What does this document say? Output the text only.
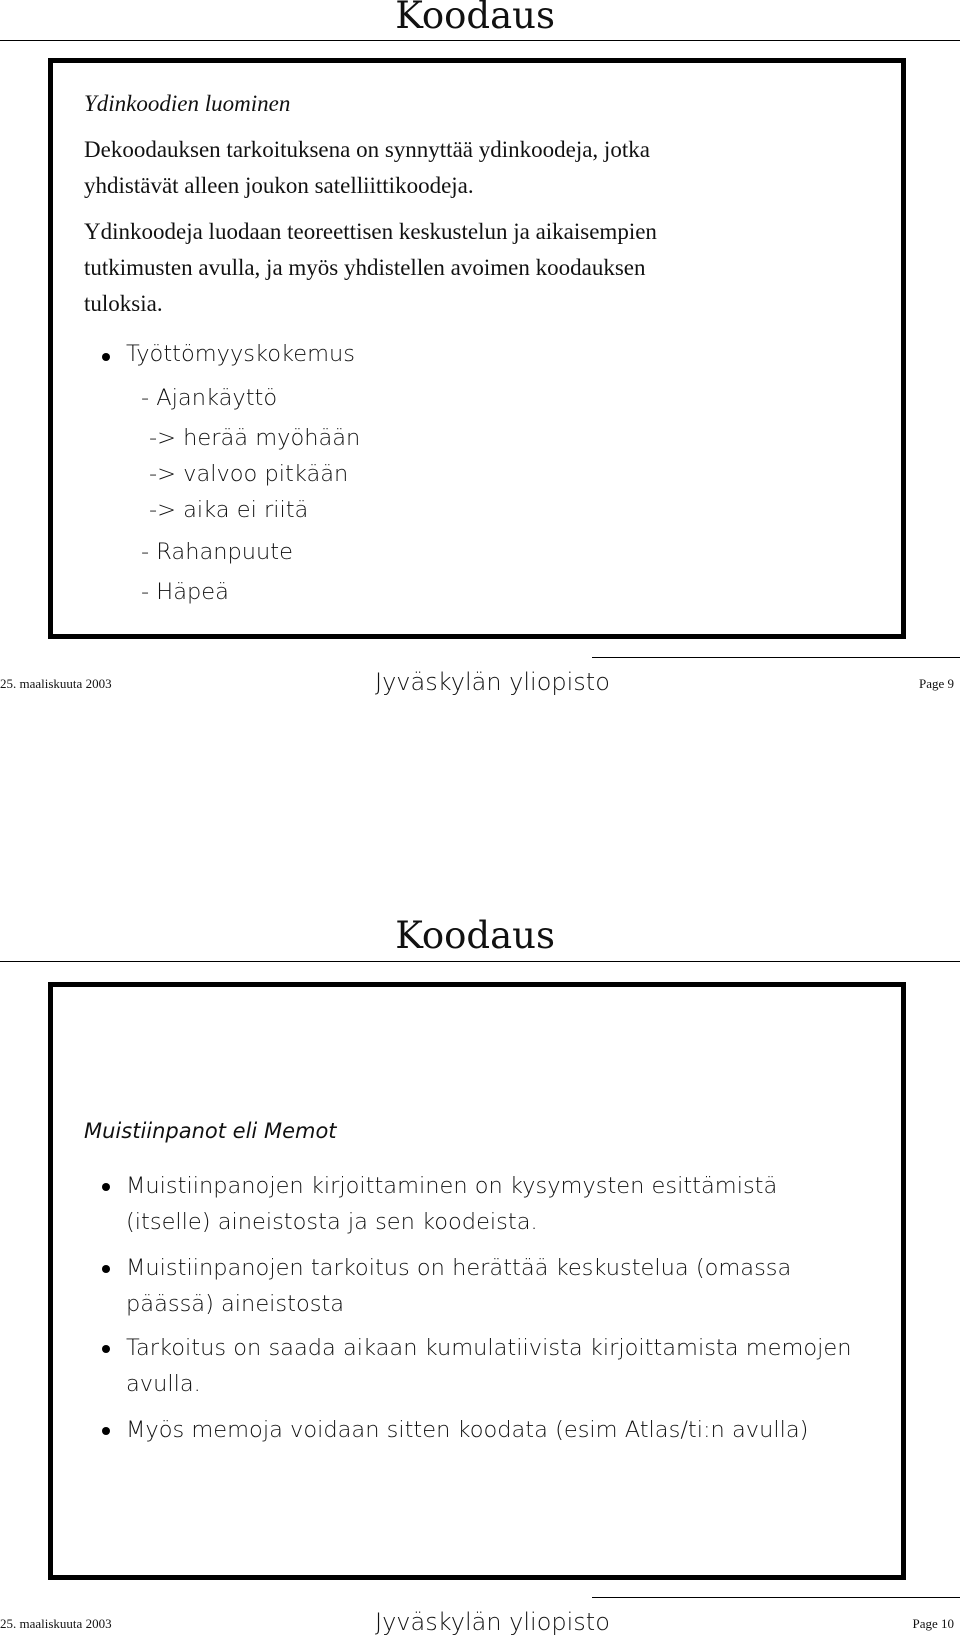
Koodaus

Ydinkoodien luominen

Dekoodauksen tarkoituksena on synnyttää ydinkoodeja, jotka

yhdistävät alleen joukon satelliittikoodeja.

Ydinkoodeja luodaan teoreettisen keskustelun ja aikaisempien

tutkimusten avulla, ja myös yhdistellen avoimen koodauksen

tuloksia.

Työttömyyskokemus

- Ajankäyttö

-> herää myöhään

-> valvoo pitkään

-> aika ei riitä

- Rahanpuute

- Häpeä

25. maaliskuuta 2003	Jyväskylän yliopisto	Page 9
Koodaus

Muistiinpanot eli Memot

Muistiinpanojen kirjoittaminen on kysymysten esittämistä

(itselle) aineistosta ja sen koodeista.

Muistiinpanojen tarkoitus on herättää keskustelua (omassa

päässä) aineistosta

Tarkoitus on saada aikaan kumulatiivista kirjoittamista memojen

avulla.

Myös memoja voidaan sitten koodata (esim Atlas/ti:n avulla)

25. maaliskuuta 2003	Jyväskylän yliopisto	Page 10
